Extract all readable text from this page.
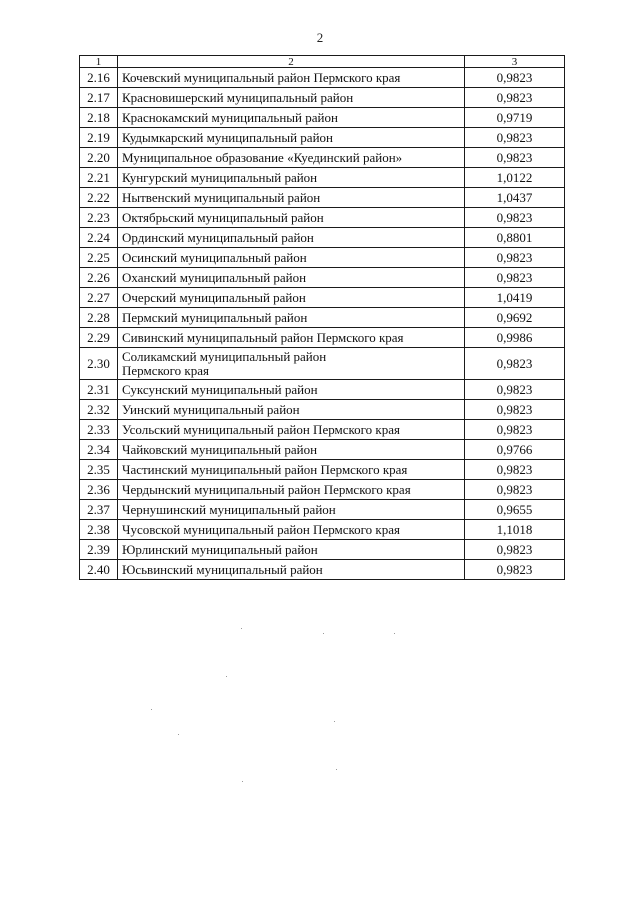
2
1	2	3
2.16	Кочевский муниципальный район Пермского края	0,9823
2.17	Красновишерский муниципальный район	0,9823
2.18	Краснокамский муниципальный район	0,9719
2.19	Кудымкарский муниципальный район	0,9823
2.20	Муниципальное образование «Куединский район»	0,9823
2.21	Кунгурский муниципальный район	1,0122
2.22	Нытвенский муниципальный район	1,0437
2.23	Октябрьский муниципальный район	0,9823
2.24	Ординский муниципальный район	0,8801
2.25	Осинский муниципальный район	0,9823
2.26	Оханский муниципальный район	0,9823
2.27	Очерский муниципальный район	1,0419
2.28	Пермский муниципальный район	0,9692
2.29	Сивинский муниципальный район Пермского края	0,9986
2.30	Соликамский муниципальный район
Пермского края	0,9823
2.31	Суксунский муниципальный район	0,9823
2.32	Уинский муниципальный район	0,9823
2.33	Усольский муниципальный район Пермского края	0,9823
2.34	Чайковский муниципальный район	0,9766
2.35	Частинский муниципальный район Пермского края	0,9823
2.36	Чердынский муниципальный район Пермского края	0,9823
2.37	Чернушинский муниципальный район	0,9655
2.38	Чусовской муниципальный район Пермского края	1,1018
2.39	Юрлинский муниципальный район	0,9823
2.40	Юсьвинский муниципальный район	0,9823
